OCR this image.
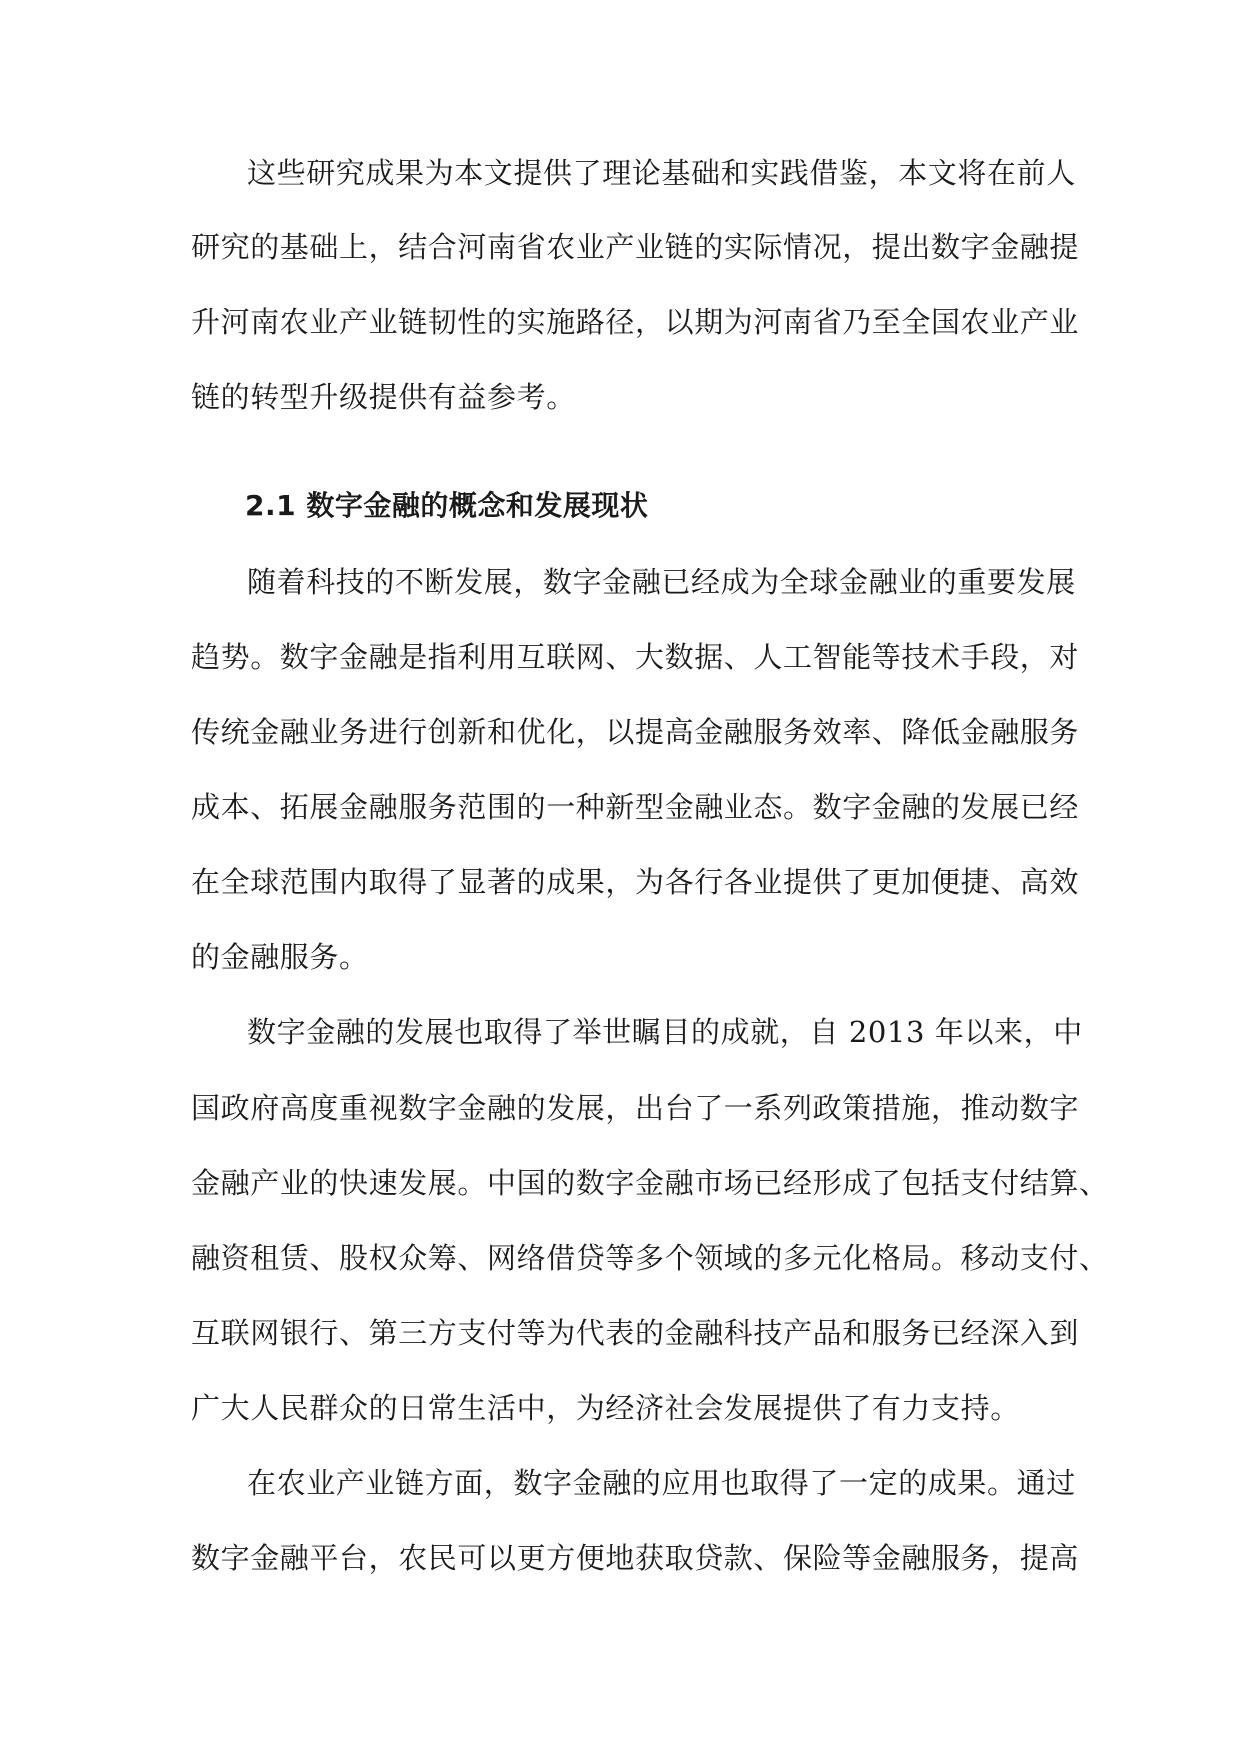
这些研究成果为本文提供了理论基础和实践借鉴，本文将在前人
研究的基础上，结合河南省农业产业链的实际情况，提出数字金融提
升河南农业产业链韧性的实施路径，以期为河南省乃至全国农业产业
链的转型升级提供有益参考。
2.1 数字金融的概念和发展现状
随着科技的不断发展，数字金融已经成为全球金融业的重要发展
趋势。数字金融是指利用互联网、大数据、人工智能等技术手段，对
传统金融业务进行创新和优化，以提高金融服务效率、降低金融服务
成本、拓展金融服务范围的一种新型金融业态。数字金融的发展已经
在全球范围内取得了显著的成果，为各行各业提供了更加便捷、高效
的金融服务。
数字金融的发展也取得了举世瞩目的成就，自 2013 年以来，中
国政府高度重视数字金融的发展，出台了一系列政策措施，推动数字
金融产业的快速发展。中国的数字金融市场已经形成了包括支付结算、
融资租赁、股权众筹、网络借贷等多个领域的多元化格局。移动支付、
互联网银行、第三方支付等为代表的金融科技产品和服务已经深入到
广大人民群众的日常生活中，为经济社会发展提供了有力支持。
在农业产业链方面，数字金融的应用也取得了一定的成果。通过
数字金融平台，农民可以更方便地获取贷款、保险等金融服务，提高
